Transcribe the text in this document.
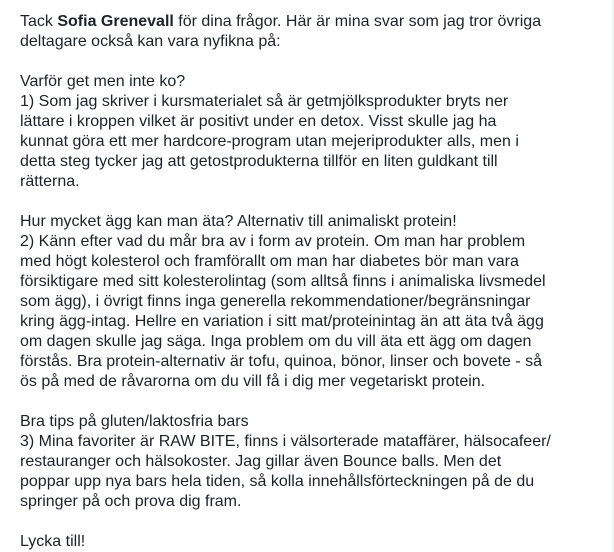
Tack Sofia Grenevall för dina frågor. Här är mina svar som jag tror övriga
deltagare också kan vara nyfikna på:

Varför get men inte ko?
1) Som jag skriver i kursmaterialet så är getmjölksprodukter bryts ner
lättare i kroppen vilket är positivt under en detox. Visst skulle jag ha
kunnat göra ett mer hardcore-program utan mejeriprodukter alls, men i
detta steg tycker jag att getostprodukterna tillför en liten guldkant till
rätterna.

Hur mycket ägg kan man äta? Alternativ till animaliskt protein!
2) Känn efter vad du mår bra av i form av protein. Om man har problem
med högt kolesterol och framförallt om man har diabetes bör man vara
försiktigare med sitt kolesterolintag (som alltså finns i animaliska livsmedel
som ägg), i övrigt finns inga generella rekommendationer/begränsningar
kring ägg-intag. Hellre en variation i sitt mat/proteinintag än att äta två ägg
om dagen skulle jag säga. Inga problem om du vill äta ett ägg om dagen
förstås. Bra protein-alternativ är tofu, quinoa, bönor, linser och bovete - så
ös på med de råvarorna om du vill få i dig mer vegetariskt protein.

Bra tips på gluten/laktosfria bars
3) Mina favoriter är RAW BITE, finns i välsorterade mataffärer, hälsocafeer/
restauranger och hälsokoster. Jag gillar även Bounce balls. Men det
poppar upp nya bars hela tiden, så kolla innehållsförteckningen på de du
springer på och prova dig fram.

Lycka till!
